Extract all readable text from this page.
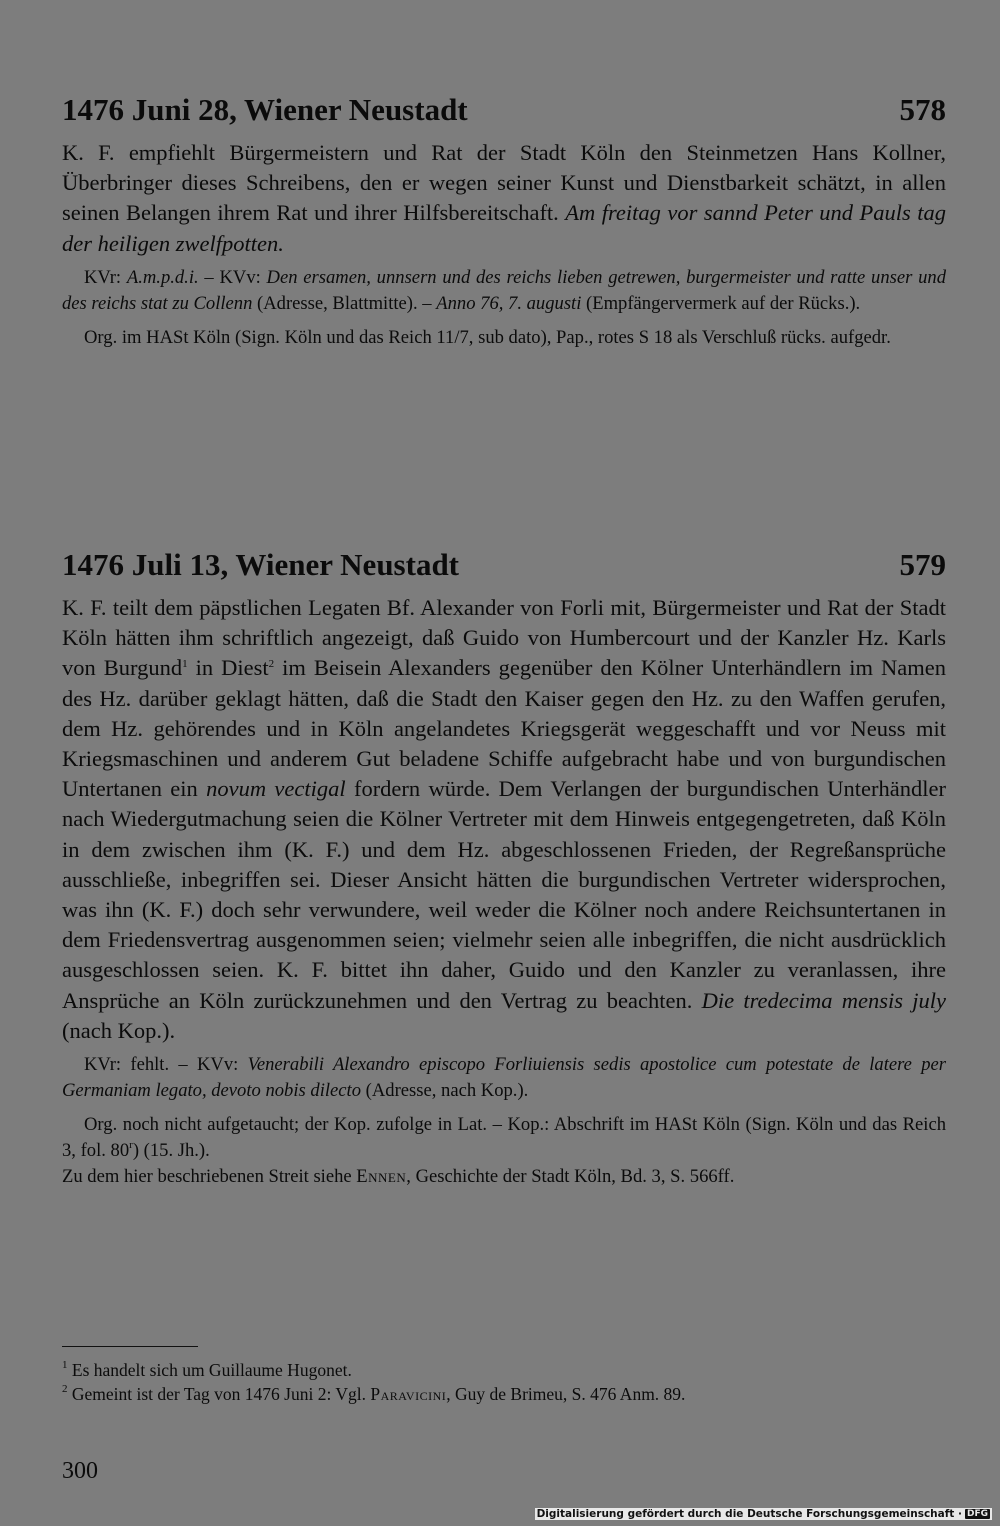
1476 Juni 28, Wiener Neustadt	578

K. F. empfiehlt Bürgermeistern und Rat der Stadt Köln den Steinmetzen Hans Kollner, Überbringer dieses Schreibens, den er wegen seiner Kunst und Dienstbarkeit schätzt, in allen seinen Belangen ihrem Rat und ihrer Hilfsbereitschaft. Am freitag vor sannd Peter und Pauls tag der heiligen zwelfpotten.

KVr: A.m.p.d.i. – KVv: Den ersamen, unnsern und des reichs lieben getrewen, burgermeister und ratte unser und des reichs stat zu Collenn (Adresse, Blattmitte). – Anno 76, 7. augusti (Empfängervermerk auf der Rücks.).

Org. im HASt Köln (Sign. Köln und das Reich 11/7, sub dato), Pap., rotes S 18 als Verschluß rücks. aufgedr.

1476 Juli 13, Wiener Neustadt	579

K. F. teilt dem päpstlichen Legaten Bf. Alexander von Forli mit, Bürgermeister und Rat der Stadt Köln hätten ihm schriftlich angezeigt, daß Guido von Humbercourt und der Kanzler Hz. Karls von Burgund$^1$ in Diest$^2$ im Beisein Alexanders gegenüber den Kölner Unterhändlern im Namen des Hz. darüber geklagt hätten, daß die Stadt den Kaiser gegen den Hz. zu den Waffen gerufen, dem Hz. gehörendes und in Köln angelandetes Kriegsgerät weggeschafft und vor Neuss mit Kriegsmaschinen und anderem Gut beladene Schiffe aufgebracht habe und von burgundischen Untertanen ein novum vectigal fordern würde. Dem Verlangen der burgundischen Unterhändler nach Wiedergutmachung seien die Kölner Vertreter mit dem Hinweis entgegengetreten, daß Köln in dem zwischen ihm (K. F.) und dem Hz. abgeschlossenen Frieden, der Regreßansprüche ausschließe, inbegriffen sei. Dieser Ansicht hätten die burgundischen Vertreter widersprochen, was ihn (K. F.) doch sehr verwundere, weil weder die Kölner noch andere Reichsuntertanen in dem Friedensvertrag ausgenommen seien; vielmehr seien alle inbegriffen, die nicht ausdrücklich ausgeschlossen seien. K. F. bittet ihn daher, Guido und den Kanzler zu veranlassen, ihre Ansprüche an Köln zurückzunehmen und den Vertrag zu beachten. Die tredecima mensis july (nach Kop.).

KVr: fehlt. – KVv: Venerabili Alexandro episcopo Forliuiensis sedis apostolice cum potestate de latere per Germaniam legato, devoto nobis dilecto (Adresse, nach Kop.).

Org. noch nicht aufgetaucht; der Kop. zufolge in Lat. – Kop.: Abschrift im HASt Köln (Sign. Köln und das Reich 3, fol. 80$^r$) (15. Jh.).

Zu dem hier beschriebenen Streit siehe Ennen, Geschichte der Stadt Köln, Bd. 3, S. 566ff.

$^1$ Es handelt sich um Guillaume Hugonet.
$^2$ Gemeint ist der Tag von 1476 Juni 2: Vgl. Paravicini, Guy de Brimeu, S. 476 Anm. 89.
300
Digitalisierung gefördert durch die Deutsche Forschungsgemeinschaft · DFG
